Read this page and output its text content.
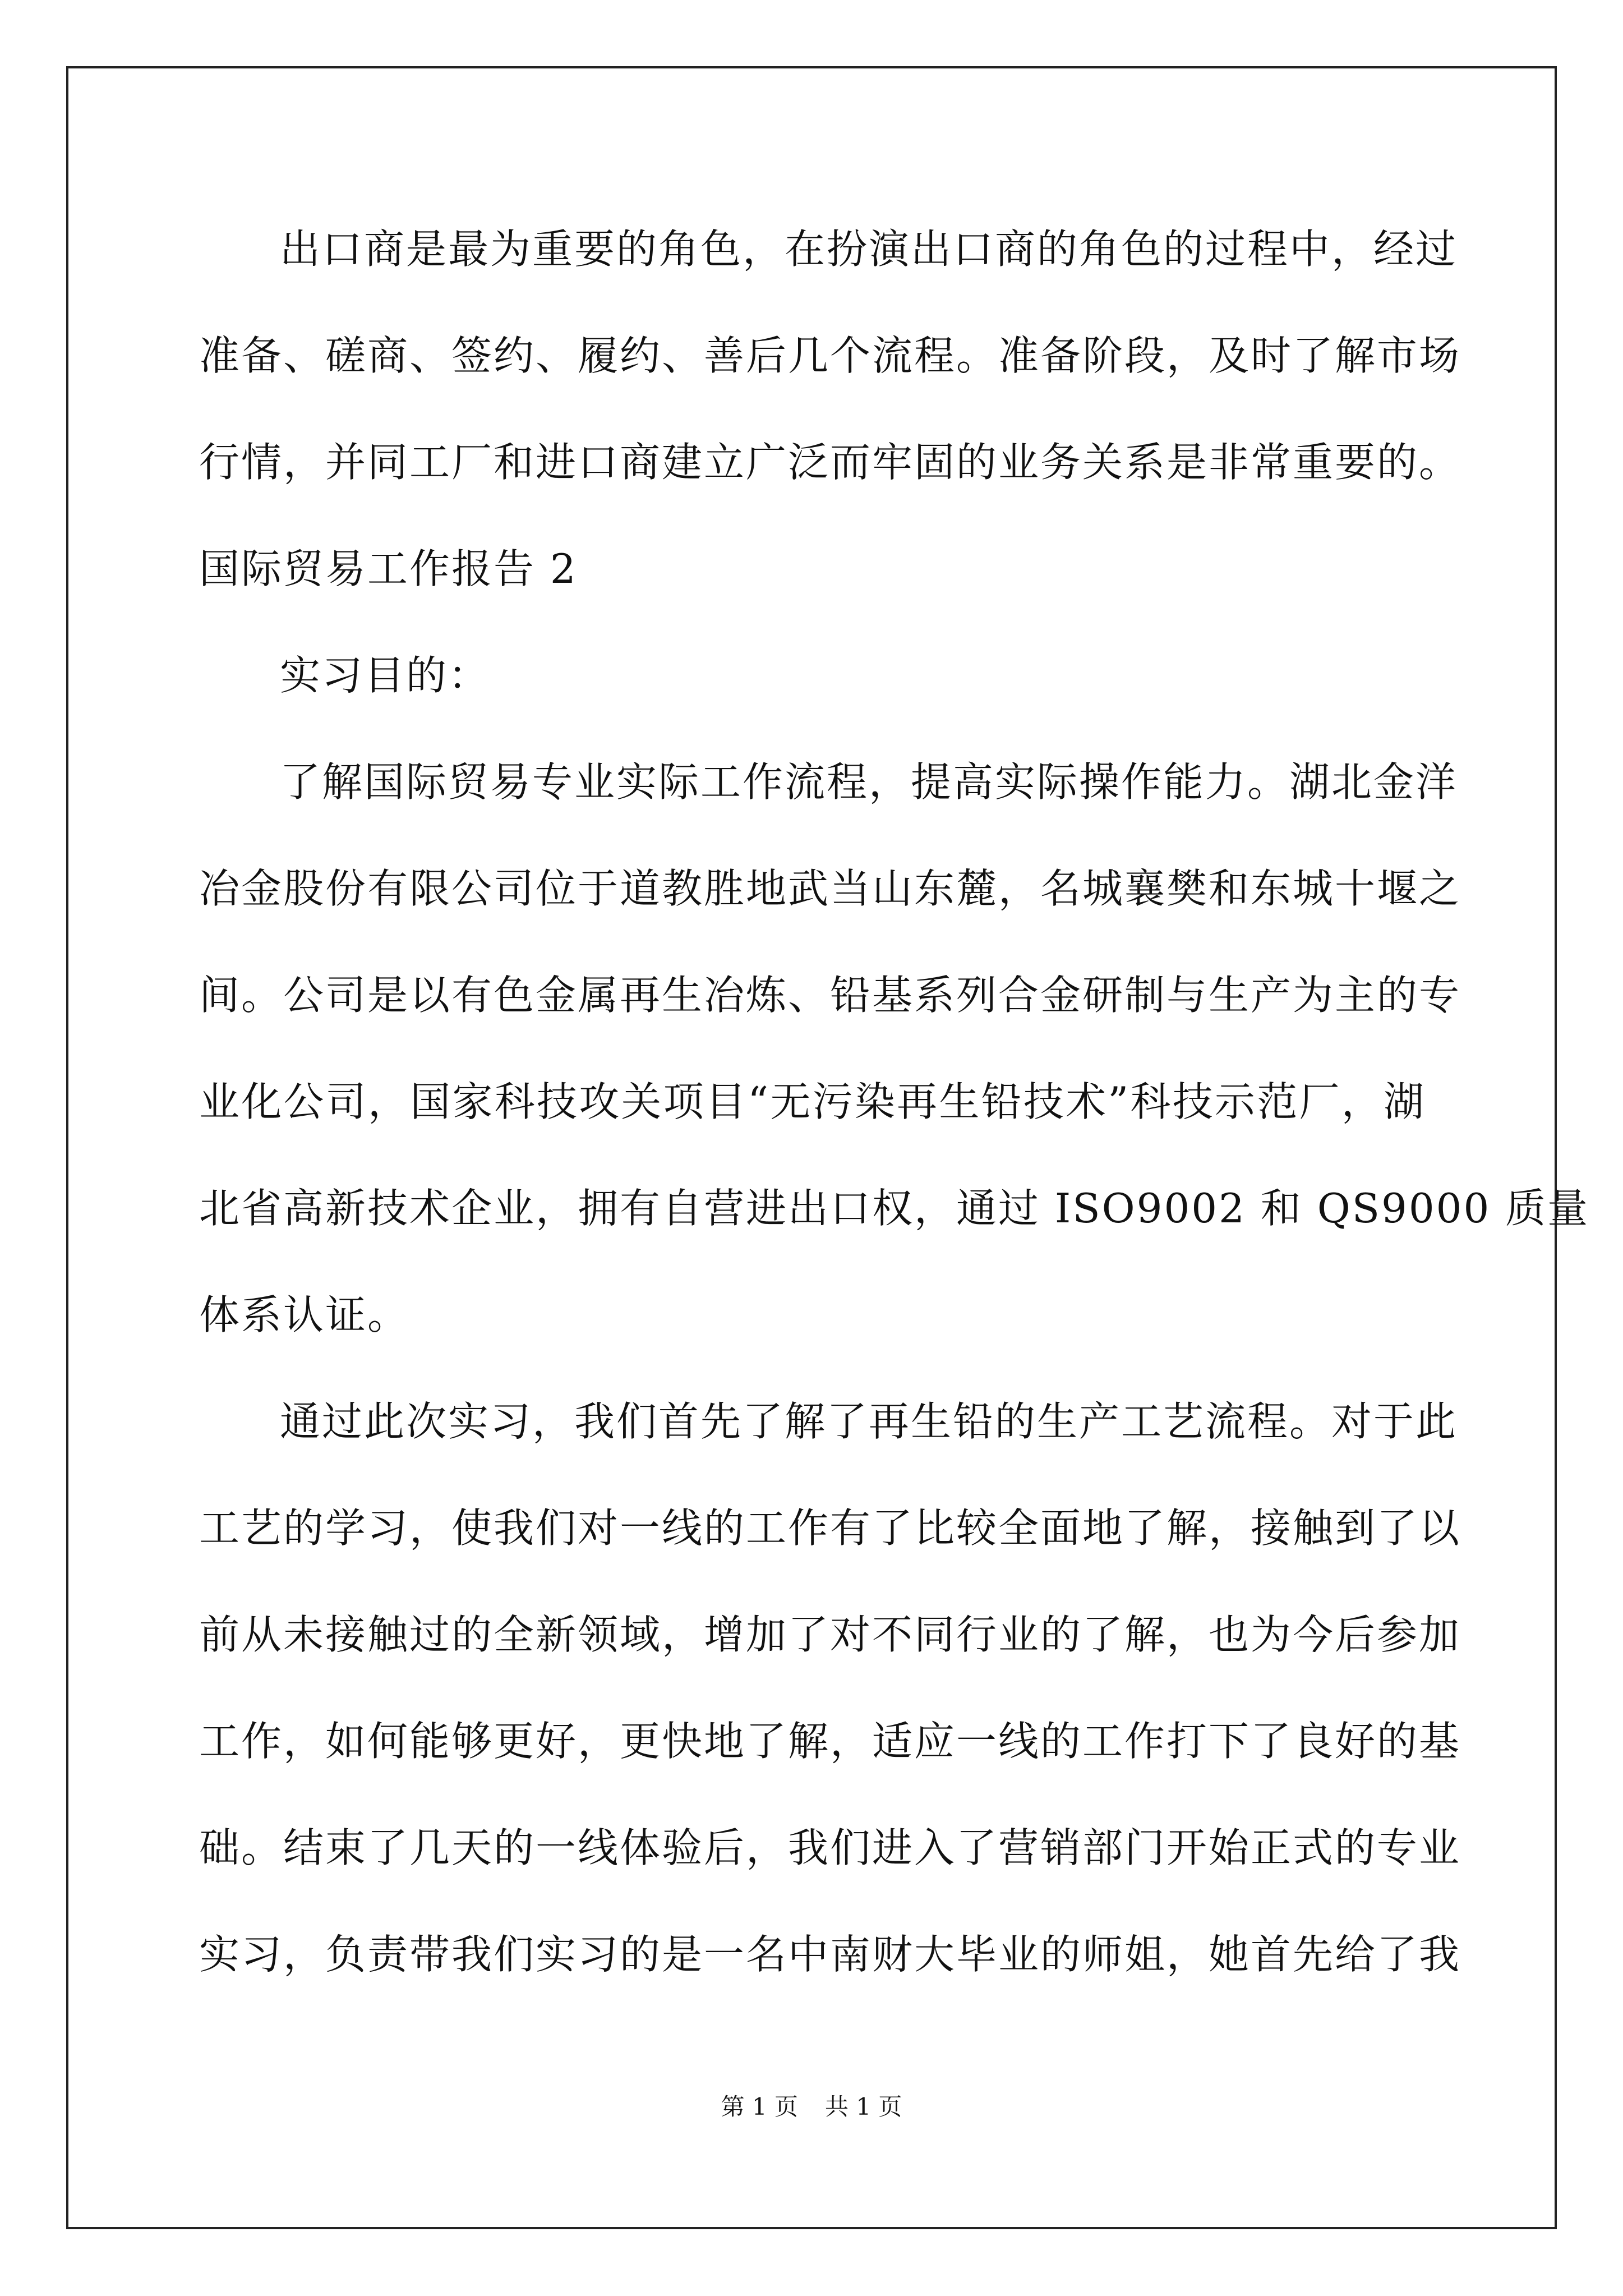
出口商是最为重要的角色，在扮演出口商的角色的过程中，经过
准备、磋商、签约、履约、善后几个流程。准备阶段，及时了解市场
行情，并同工厂和进口商建立广泛而牢固的业务关系是非常重要的。
国际贸易工作报告 2
实习目的：
了解国际贸易专业实际工作流程，提高实际操作能力。湖北金洋
冶金股份有限公司位于道教胜地武当山东麓，名城襄樊和东城十堰之
间。公司是以有色金属再生冶炼、铅基系列合金研制与生产为主的专
业化公司，国家科技攻关项目“无污染再生铅技术”科技示范厂，湖
北省高新技术企业，拥有自营进出口权，通过 ISO9002 和 QS9000 质量
体系认证。
通过此次实习，我们首先了解了再生铅的生产工艺流程。对于此
工艺的学习，使我们对一线的工作有了比较全面地了解，接触到了以
前从未接触过的全新领域，增加了对不同行业的了解，也为今后参加
工作，如何能够更好，更快地了解，适应一线的工作打下了良好的基
础。结束了几天的一线体验后，我们进入了营销部门开始正式的专业
实习，负责带我们实习的是一名中南财大毕业的师姐，她首先给了我
第 1 页 共 1 页
